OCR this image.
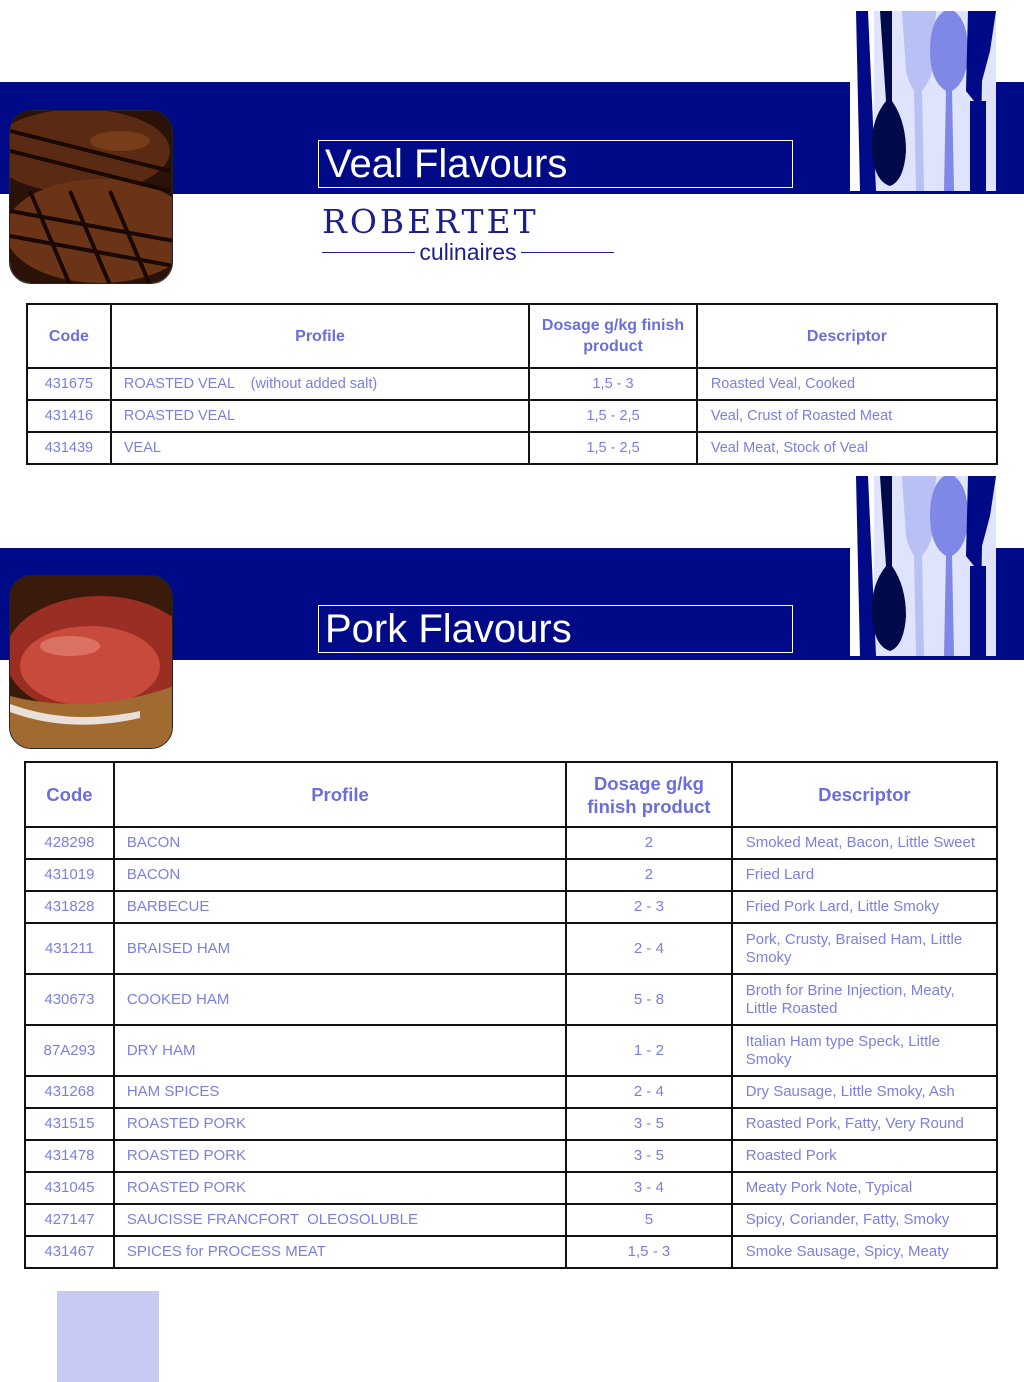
Veal Flavours
ROBERTET
culinaires
Code	Profile	Dosage g/kg finish product	Descriptor
431675	ROASTED VEAL    (without added salt)	1,5 - 3	Roasted Veal, Cooked
431416	ROASTED VEAL	1,5 - 2,5	Veal, Crust of Roasted Meat
431439	VEAL	1,5 - 2,5	Veal Meat, Stock of Veal
Pork Flavours
Code	Profile	Dosage g/kg finish product	Descriptor
428298	BACON	2	Smoked Meat, Bacon, Little Sweet
431019	BACON	2	Fried Lard
431828	BARBECUE	2 - 3	Fried Pork Lard, Little Smoky
431211	BRAISED HAM	2 - 4	Pork, Crusty, Braised Ham, Little Smoky
430673	COOKED HAM	5 - 8	Broth for Brine Injection, Meaty, Little Roasted
87A293	DRY HAM	1 - 2	Italian Ham type Speck, Little Smoky
431268	HAM SPICES	2 - 4	Dry Sausage, Little Smoky, Ash
431515	ROASTED PORK	3 - 5	Roasted Pork, Fatty, Very Round
431478	ROASTED PORK	3 - 5	Roasted Pork
431045	ROASTED PORK	3 - 4	Meaty Pork Note, Typical
427147	SAUCISSE FRANCFORT  OLEOSOLUBLE	5	Spicy, Coriander, Fatty, Smoky
431467	SPICES for PROCESS MEAT	1,5 - 3	Smoke Sausage, Spicy, Meaty
